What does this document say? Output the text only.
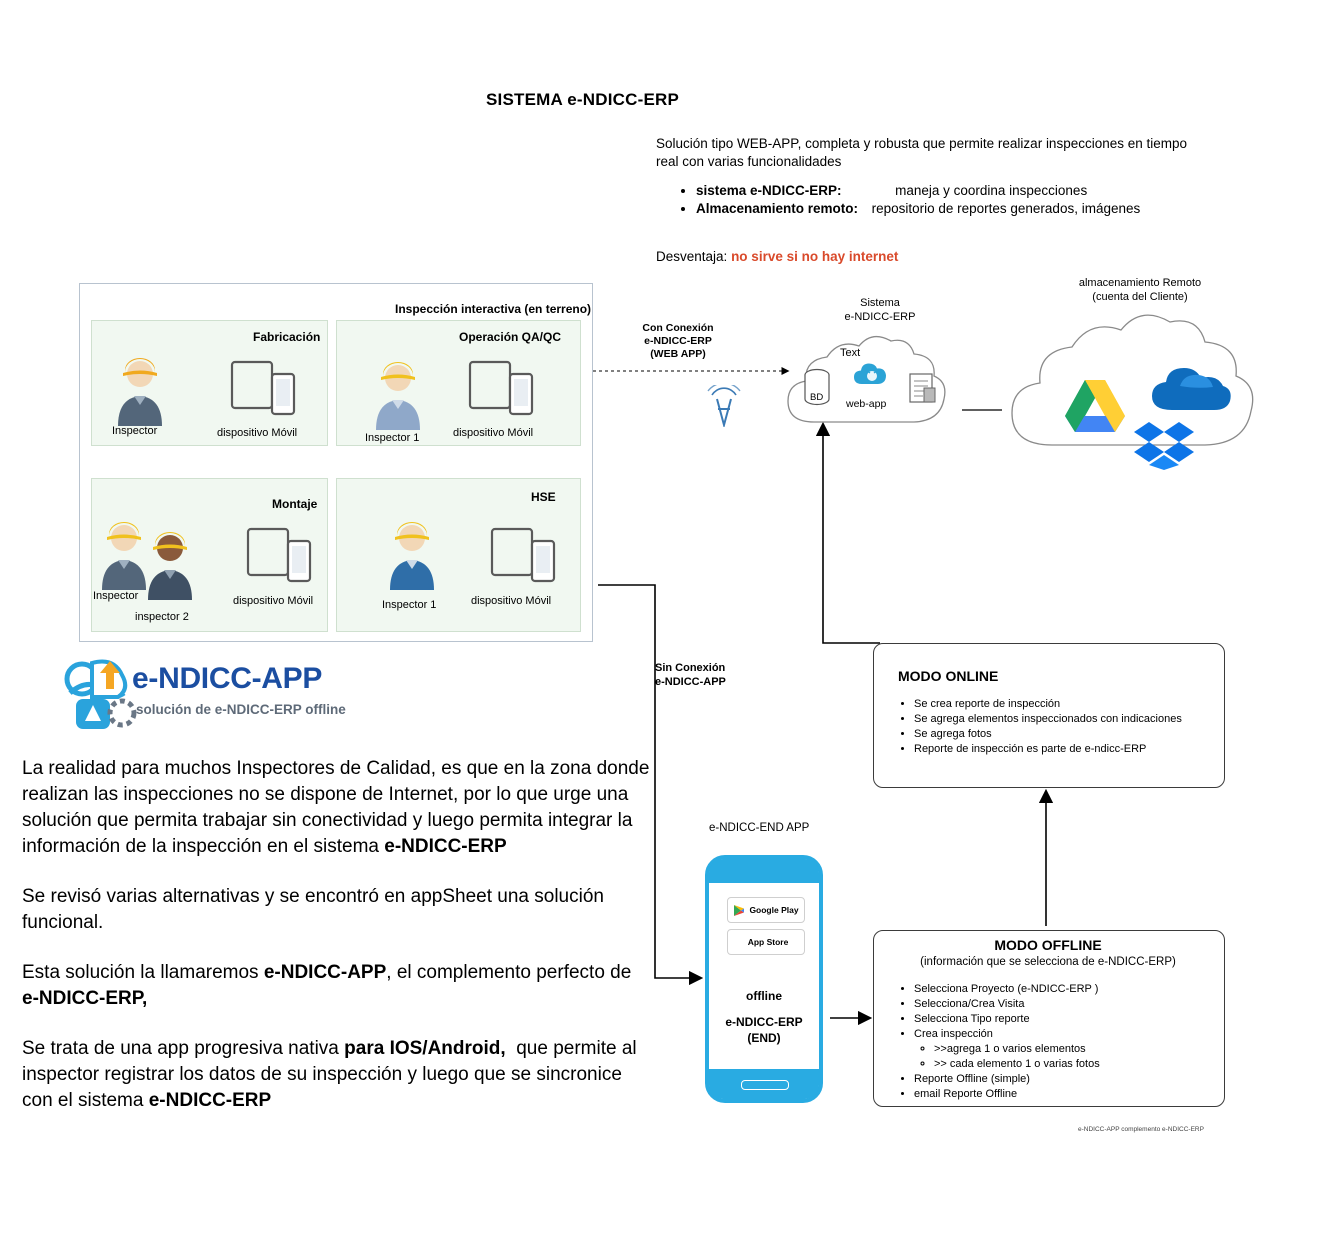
SISTEMA e-NDICC-ERP
Solución tipo WEB-APP, completa y robusta que permite realizar inspecciones en tiempo real con varias funcionalidades
• sistema e-NDICC-ERP:	maneja y coordina inspecciones
• Almacenamiento remoto: repositorio de reportes generados, imágenes
Desventaja: no sirve si no hay internet
Inspección interactiva (en terreno)
Fabricación
Inspector	dispositivo Móvil
Operación QA/QC
Inspector 1	dispositivo Móvil
Montaje
Inspector
inspector 2
dispositivo Móvil
HSE
Inspector 1	dispositivo Móvil
Con Conexión
e-NDICC-ERP
(WEB APP)
Sistema
e-NDICC-ERP
almacenamiento Remoto
(cuenta del Cliente)
BD
Text
web-app
e-NDICC-APP
solución de e-NDICC-ERP offline

La realidad para muchos Inspectores de Calidad, es que en la zona donde realizan las inspecciones no se dispone de Internet, por lo que urge una solución que permita trabajar sin conectividad y luego permita integrar la información de la inspección en el sistema e-NDICC-ERP

Se revisó varias alternativas y se encontró en appSheet una solución funcional.

Esta solución la llamaremos e-NDICC-APP, el complemento perfecto de e-NDICC-ERP,

Se trata de una app progresiva nativa para IOS/Android,  que permite al inspector registrar los datos de su inspección y luego que se sincronice con el sistema e-NDICC-ERP

Sin Conexión
e-NDICC-APP	MODO ONLINE
• Se crea reporte de inspección
• Se agrega elementos inspeccionados con indicaciones
• Se agrega fotos
• Reporte de inspección es parte de e-ndicc-ERP
MODO OFFLINE
(información que se selecciona de e-NDICC-ERP)
• Selecciona Proyecto (e-NDICC-ERP )
• Selecciona/Crea Visita
• Selecciona Tipo reporte
• Crea inspección
◦ >>agrega 1 o varios elementos
◦ >> cada elemento 1 o varias fotos
• Reporte Offline (simple)
• email Reporte Offline
e-NDICC-END APP
Google Play
App Store
offline
e-NDICC-ERP
(END)
e-NDICC-APP complemento e-NDICC-ERP
